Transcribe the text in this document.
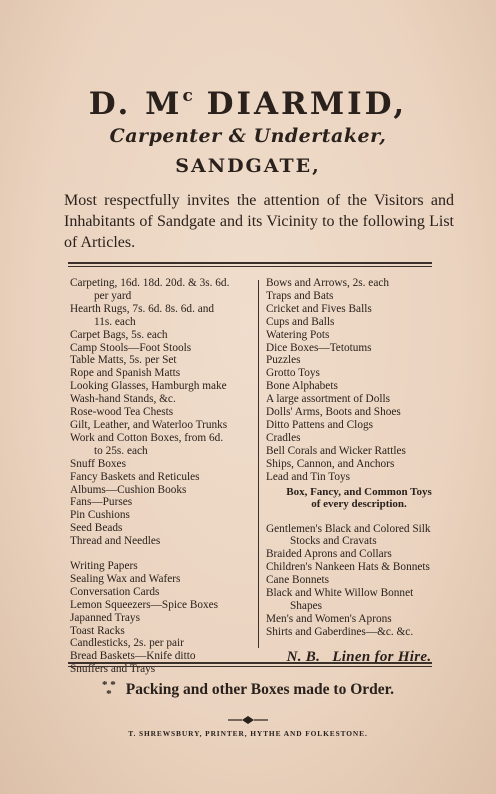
D. $M^c$ DIARMID,
Carpenter & Undertaker,
SANDGATE,

Most respectfully invites the attention of the Visitors and Inhabitants of Sandgate and its Vicinity to the following List of Articles.

Carpeting, 16d. 18d. 20d. & 3s. 6d.
per yard
Hearth Rugs, 7s. 6d. 8s. 6d. and
11s. each
Carpet Bags, 5s. each
Camp Stools—Foot Stools
Table Matts, 5s. per Set
Rope and Spanish Matts
Looking Glasses, Hamburgh make
Wash-hand Stands, &c.
Rose-wood Tea Chests
Gilt, Leather, and Waterloo Trunks
Work and Cotton Boxes, from 6d.
to 25s. each
Snuff Boxes
Fancy Baskets and Reticules
Albums—Cushion Books
Fans—Purses
Pin Cushions
Seed Beads
Thread and Needles
Writing Papers
Sealing Wax and Wafers
Conversation Cards
Lemon Squeezers—Spice Boxes
Japanned Trays
Toast Racks
Candlesticks, 2s. per pair
Bread Baskets—Knife ditto
Snuffers and Trays
Bows and Arrows, 2s. each
Traps and Bats
Cricket and Fives Balls
Cups and Balls
Watering Pots
Dice Boxes—Tetotums
Puzzles
Grotto Toys
Bone Alphabets
A large assortment of Dolls
Dolls' Arms, Boots and Shoes
Ditto Pattens and Clogs
Cradles
Bell Corals and Wicker Rattles
Ships, Cannon, and Anchors
Lead and Tin Toys

Box, Fancy, and Common Toys
of every description.

Gentlemen's Black and Colored Silk
Stocks and Cravats
Braided Aprons and Collars
Children's Nankeen Hats & Bonnets
Cane Bonnets
Black and White Willow Bonnet
Shapes
Men's and Women's Aprons
Shirts and Gaberdines—&c. &c.
N. B. Linen for Hire.
* *
* Packing and other Boxes made to Order.
T. SHREWSBURY, PRINTER, HYTHE AND FOLKESTONE.
